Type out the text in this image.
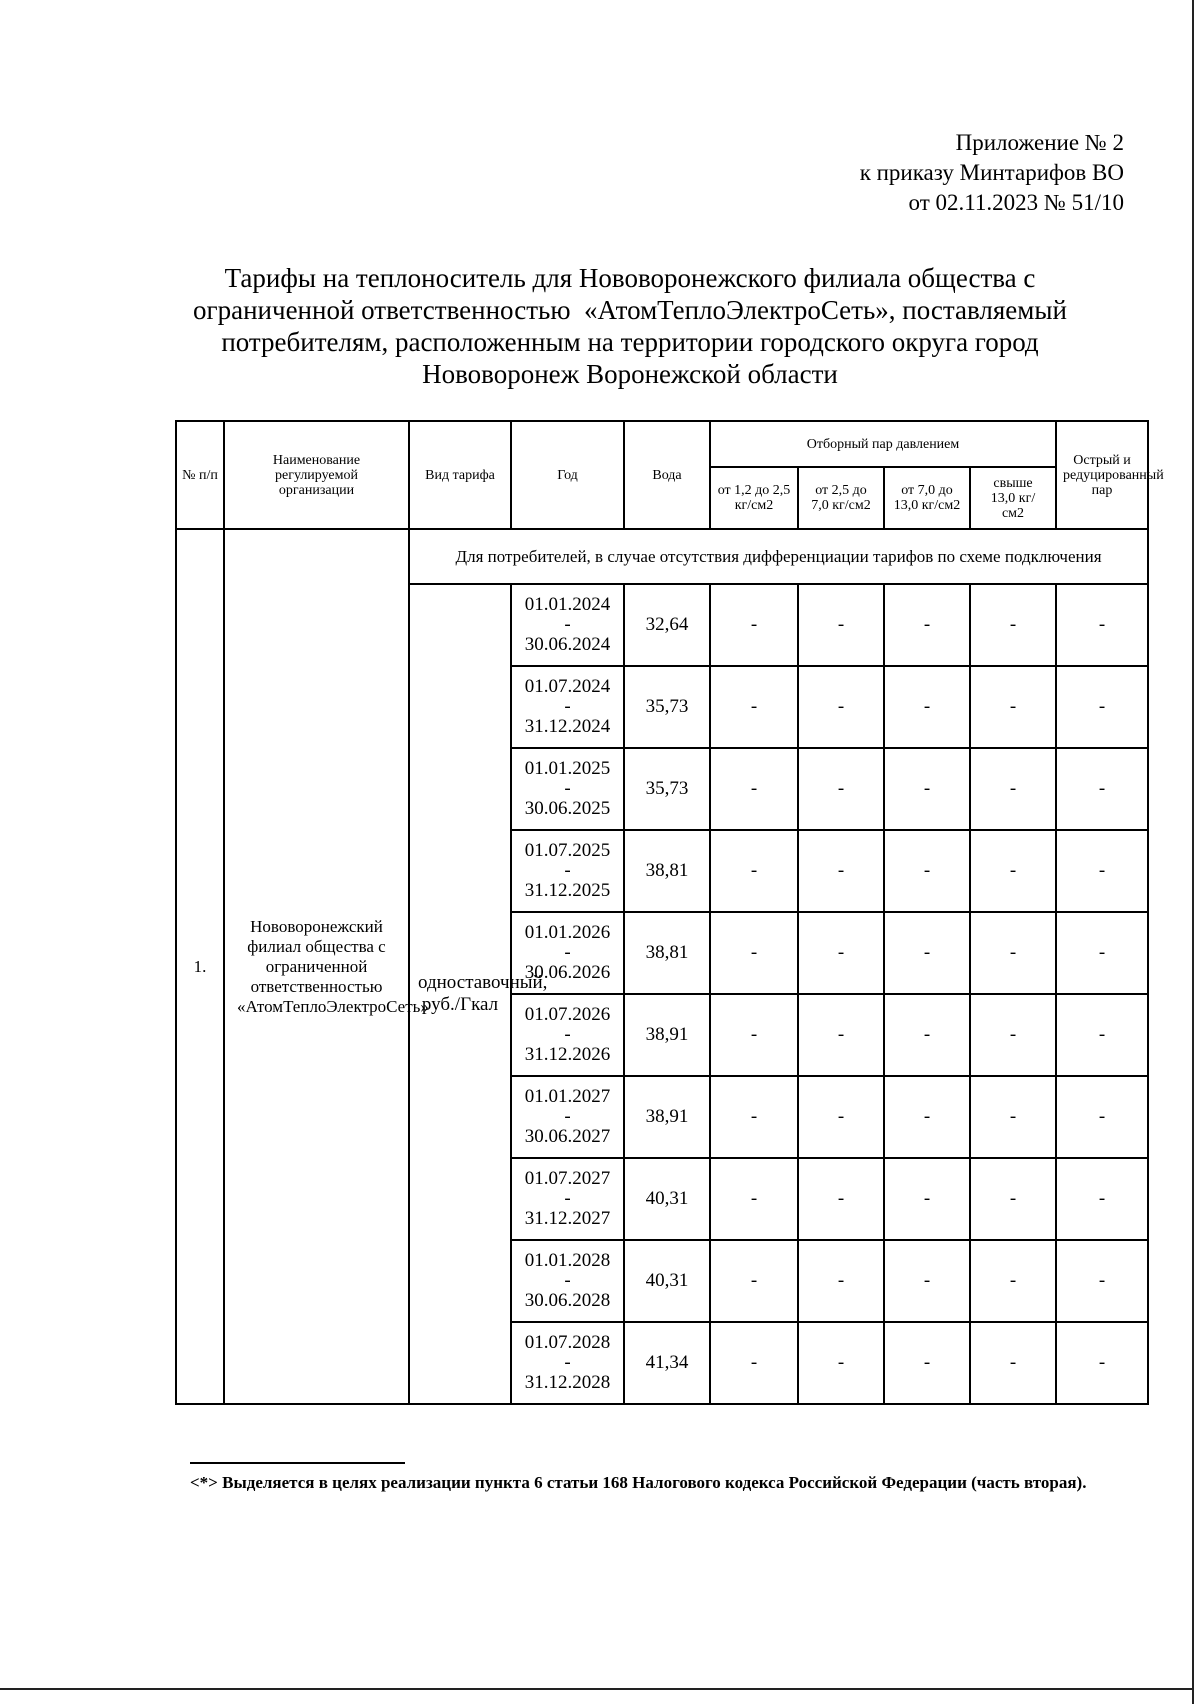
Приложение № 2
к приказу Минтарифов ВО
от 02.11.2023 № 51/10
Тарифы на теплоноситель для Нововоронежского филиала общества с
ограниченной ответственностью  «АтомТеплоЭлектроСеть», поставляемый
потребителям, расположенным на территории городского округа город
Нововоронеж Воронежской области
№ п/п	Наименование регулируемой организации	Вид тарифа	Год	Вода	Отборный пар давлением				Острый и редуцированный пар
					от 1,2 до 2,5 кг/см2	от 2,5 до 7,0 кг/см2	от 7,0 до 13,0 кг/см2	свыше 13,0 кг/см2	
1.	Нововоронежский филиал общества с ограниченной ответственностью «АтомТеплоЭлектроСеть»	Для потребителей, в случае отсутствия дифференциации тарифов по схеме подключения							
		одноставочный, руб./Гкал	01.01.2024
-
30.06.2024	32,64	-	-	-	-	-

			01.07.2024
-
31.12.2024	35,73	-	-	-	-	-

			01.01.2025
-
30.06.2025	35,73	-	-	-	-	-

			01.07.2025
-
31.12.2025	38,81	-	-	-	-	-

			01.01.2026
-
30.06.2026	38,81	-	-	-	-	-

			01.07.2026
-
31.12.2026	38,91	-	-	-	-	-

			01.01.2027
-
30.06.2027	38,91	-	-	-	-	-

			01.07.2027
-
31.12.2027	40,31	-	-	-	-	-

			01.01.2028
-
30.06.2028	40,31	-	-	-	-	-

			01.07.2028
-
31.12.2028	41,34	-	-	-	-	-
<*> Выделяется в целях реализации пункта 6 статьи 168 Налогового кодекса Российской Федерации (часть вторая).
